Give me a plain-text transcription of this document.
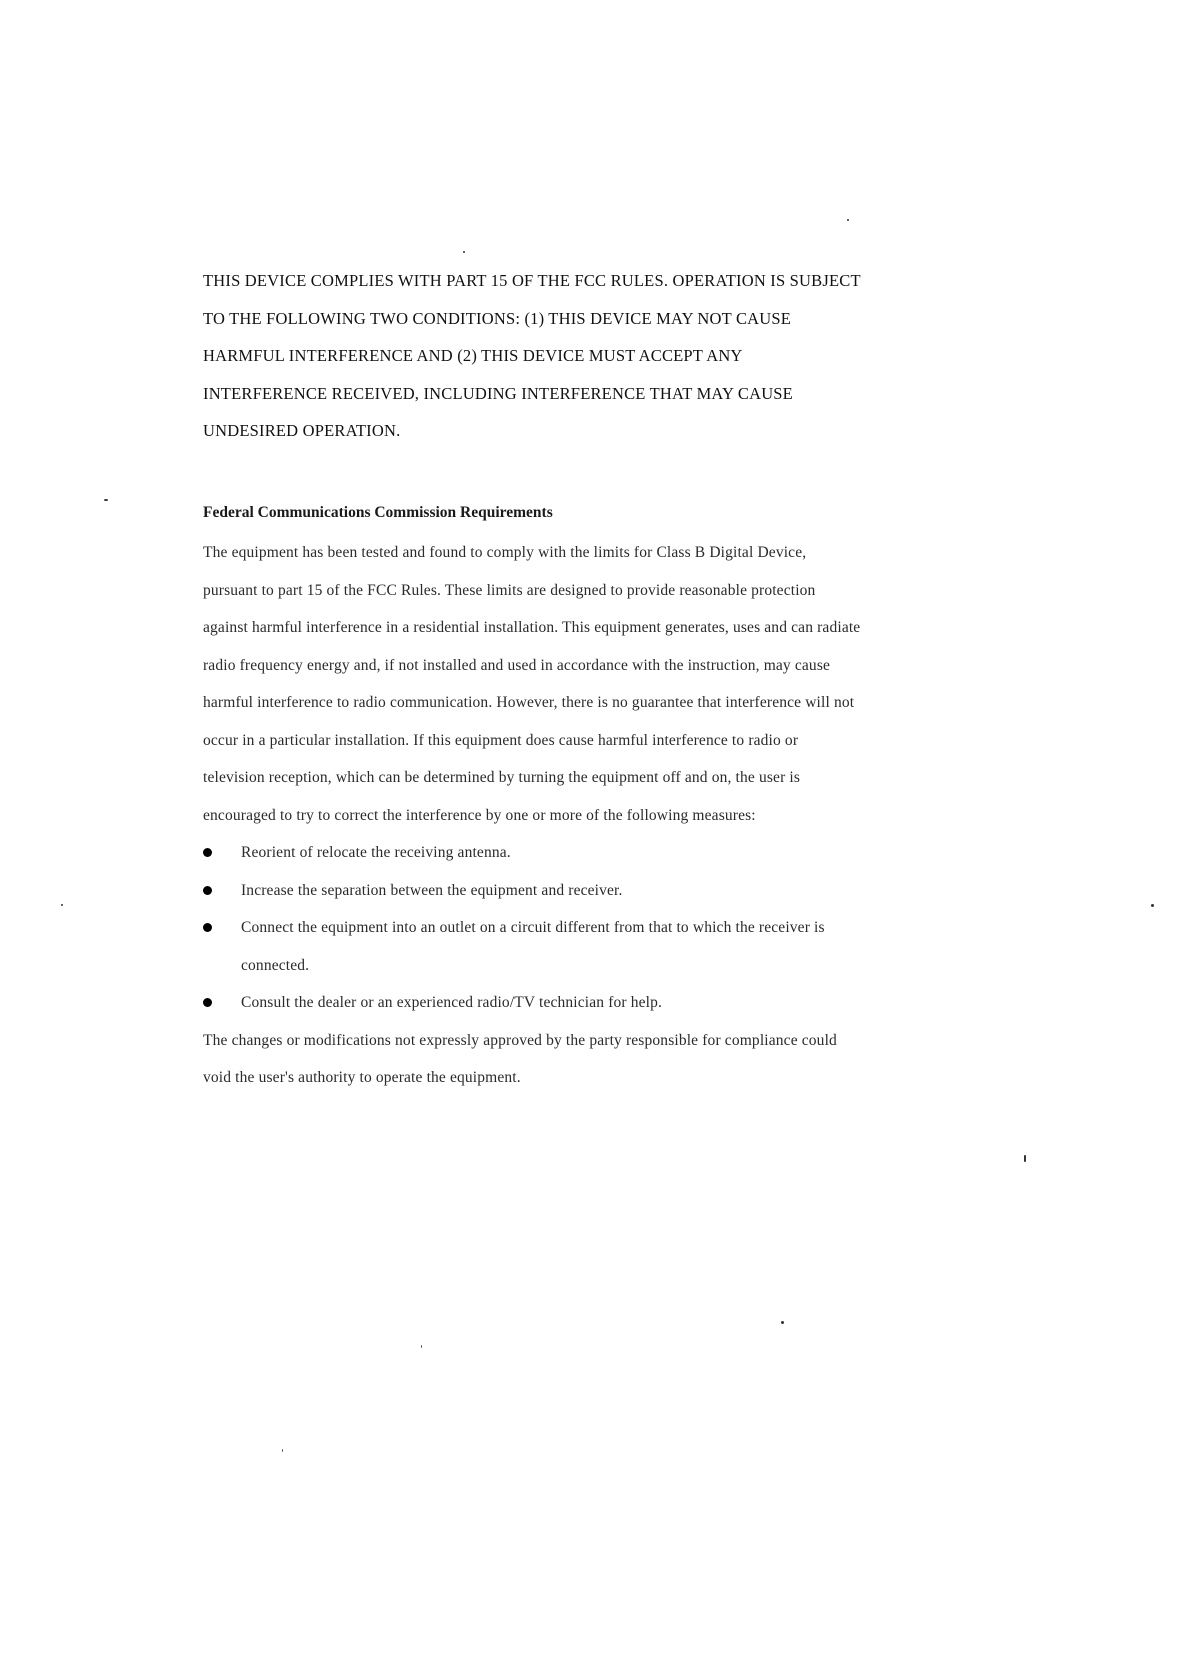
THIS DEVICE COMPLIES WITH PART 15 OF THE FCC RULES. OPERATION IS SUBJECT
TO THE FOLLOWING TWO CONDITIONS: (1) THIS DEVICE MAY NOT CAUSE
HARMFUL INTERFERENCE AND (2) THIS DEVICE MUST ACCEPT ANY
INTERFERENCE RECEIVED, INCLUDING INTERFERENCE THAT MAY CAUSE
UNDESIRED OPERATION.
Federal Communications Commission Requirements
The equipment has been tested and found to comply with the limits for Class B Digital Device,
pursuant to part 15 of the FCC Rules. These limits are designed to provide reasonable protection
against harmful interference in a residential installation. This equipment generates, uses and can radiate
radio frequency energy and, if not installed and used in accordance with the instruction, may cause
harmful interference to radio communication. However, there is no guarantee that interference will not
occur in a particular installation. If this equipment does cause harmful interference to radio or
television reception, which can be determined by turning the equipment off and on, the user is
encouraged to try to correct the interference by one or more of the following measures:
Reorient of relocate the receiving antenna.
Increase the separation between the equipment and receiver.
Connect the equipment into an outlet on a circuit different from that to which the receiver is
connected.
Consult the dealer or an experienced radio/TV technician for help.
The changes or modifications not expressly approved by the party responsible for compliance could
void the user's authority to operate the equipment.
